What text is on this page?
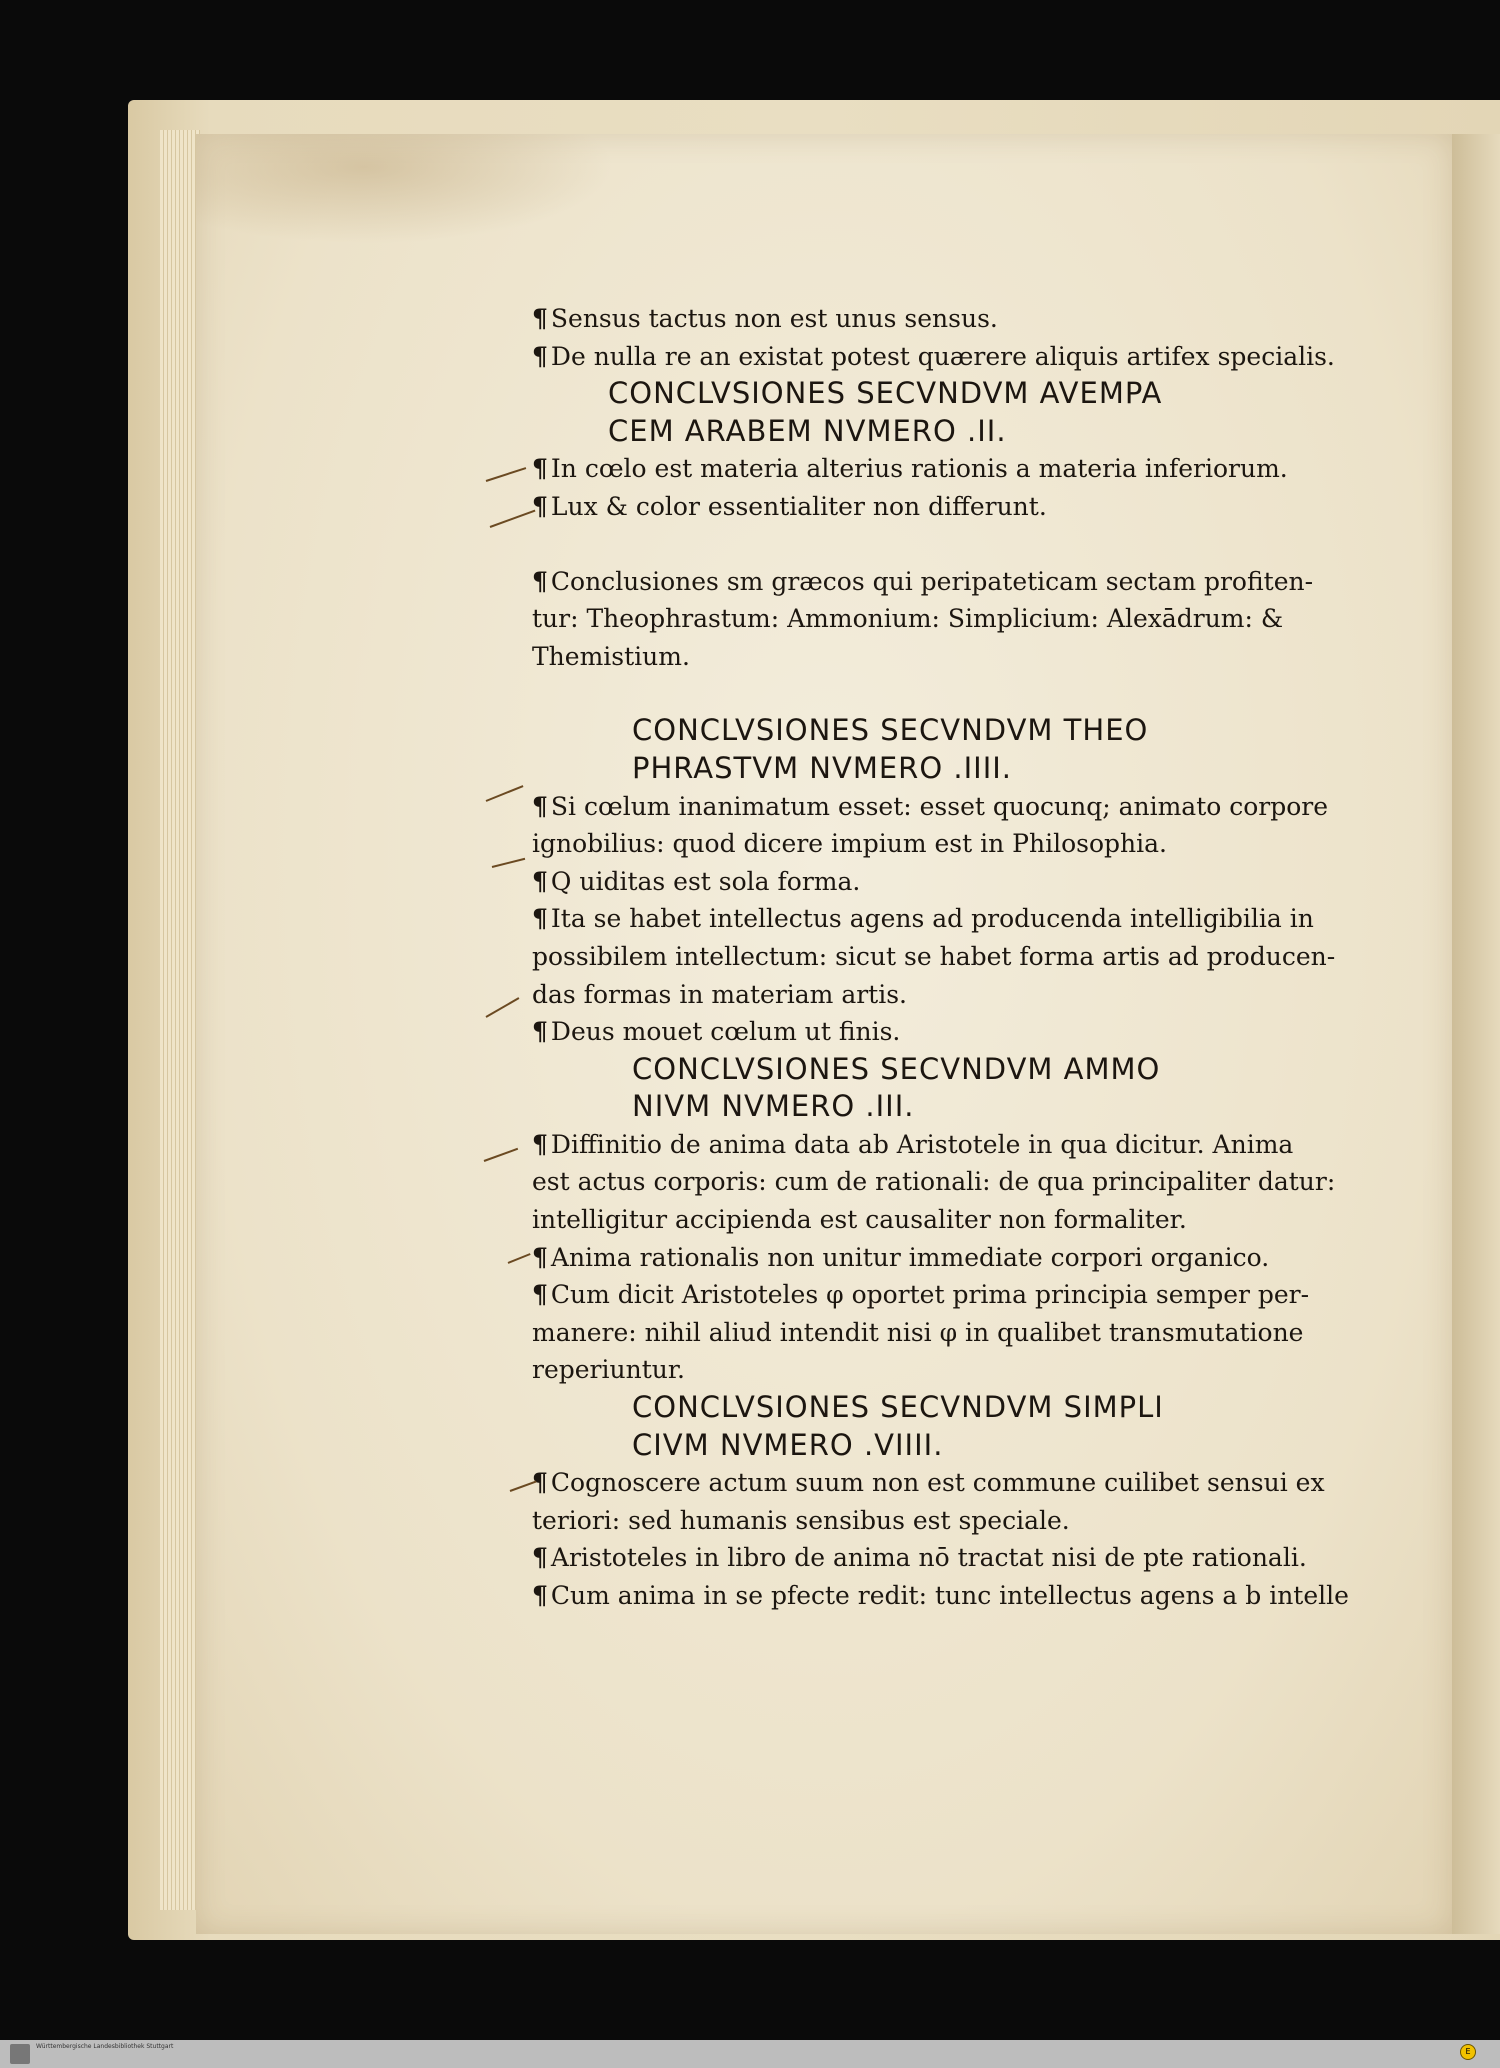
¶ Sensus tactus non est unus sensus.
¶ De nulla re an existat potest quærere aliquis artifex specialis.
CONCLVSIONES SECVNDVM AVEMPA
CEM ARABEM NVMERO .II.
¶ In cœlo est materia alterius rationis a materia inferiorum.
¶ Lux & color essentialiter non differunt.

¶ Conclusiones sm græcos qui peripateticam sectam profiten-
tur: Theophrastum: Ammonium: Simplicium: Alexādrum: &
Themistium.

CONCLVSIONES SECVNDVM THEO
PHRASTVM NVMERO .IIII.
¶ Si cœlum inanimatum esset: esset quocunq; animato corpore
ignobilius: quod dicere impium est in Philosophia.
¶ Q uiditas est sola forma.
¶ Ita se habet intellectus agens ad producenda intelligibilia in
possibilem intellectum: sicut se habet forma artis ad producen-
das formas in materiam artis.
¶ Deus mouet cœlum ut finis.
CONCLVSIONES SECVNDVM AMMO
NIVM NVMERO .III.
¶ Diffinitio de anima data ab Aristotele in qua dicitur. Anima
est actus corporis: cum de rationali: de qua principaliter datur:
intelligitur accipienda est causaliter non formaliter.
¶ Anima rationalis non unitur immediate corpori organico.
¶ Cum dicit Aristoteles φ oportet prima principia semper per-
manere: nihil aliud intendit nisi φ in qualibet transmutatione
reperiuntur.
CONCLVSIONES SECVNDVM SIMPLI
CIVM NVMERO .VIIII.
¶ Cognoscere actum suum non est commune cuilibet sensui ex
teriori: sed humanis sensibus est speciale.
¶ Aristoteles in libro de anima nō tractat nisi de pte rationali.
¶ Cum anima in se pfecte redit: tunc intellectus agens a b intelle
Württembergische Landesbibliothek Stuttgart
E
